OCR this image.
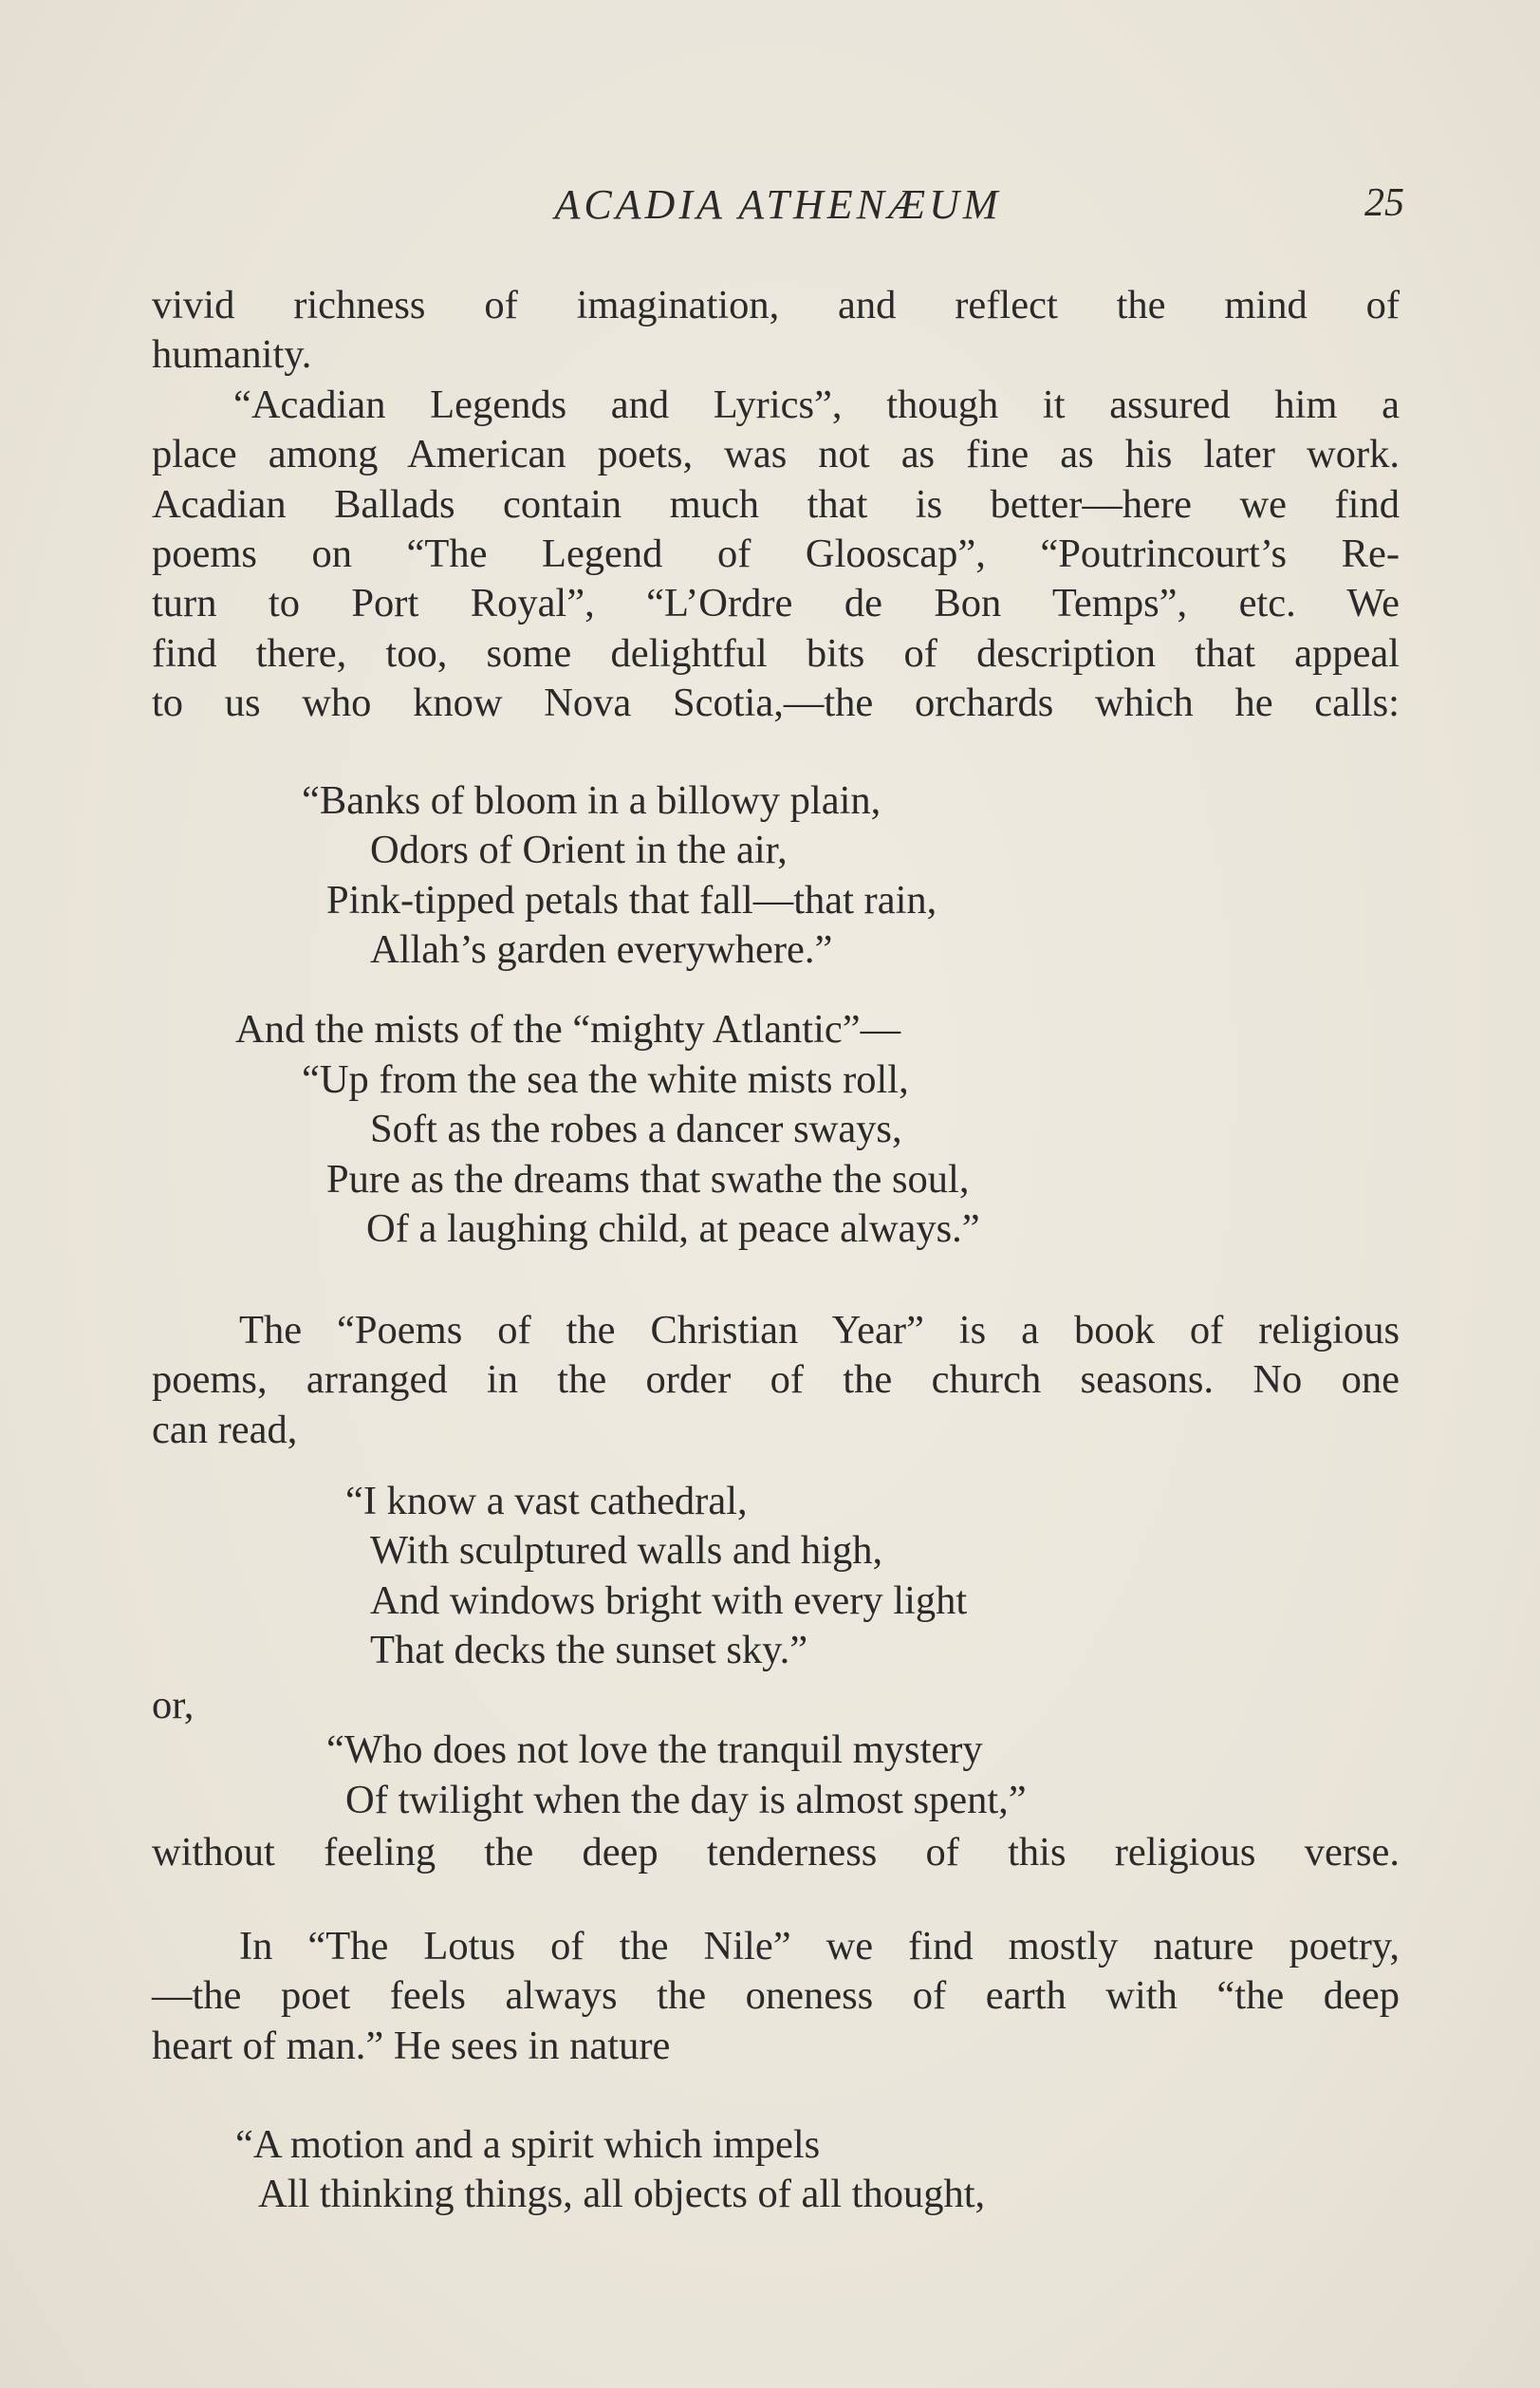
ACADIA ATHENÆUM	25
vivid richness of imagination, and reflect the mind of
humanity.
“Acadian Legends and Lyrics”, though it assured him a
place among American poets, was not as fine as his later work.
Acadian Ballads contain much that is better—here we find
poems on “The Legend of Glooscap”, “Poutrincourt’s Re-
turn to Port Royal”, “L’Ordre de Bon Temps”, etc. We
find there, too, some delightful bits of description that appeal
to us who know Nova Scotia,—the orchards which he calls:
“Banks of bloom in a billowy plain,
Odors of Orient in the air,
Pink-tipped petals that fall—that rain,
Allah’s garden everywhere.”
And the mists of the “mighty Atlantic”—
“Up from the sea the white mists roll,
Soft as the robes a dancer sways,
Pure as the dreams that swathe the soul,
Of a laughing child, at peace always.”
The “Poems of the Christian Year” is a book of religious
poems, arranged in the order of the church seasons. No one
can read,
“I know a vast cathedral,
With sculptured walls and high,
And windows bright with every light
That decks the sunset sky.”
or,
“Who does not love the tranquil mystery
Of twilight when the day is almost spent,”
without feeling the deep tenderness of this religious verse.
In “The Lotus of the Nile” we find mostly nature poetry,
—the poet feels always the oneness of earth with “the deep
heart of man.” He sees in nature
“A motion and a spirit which impels
All thinking things, all objects of all thought,
